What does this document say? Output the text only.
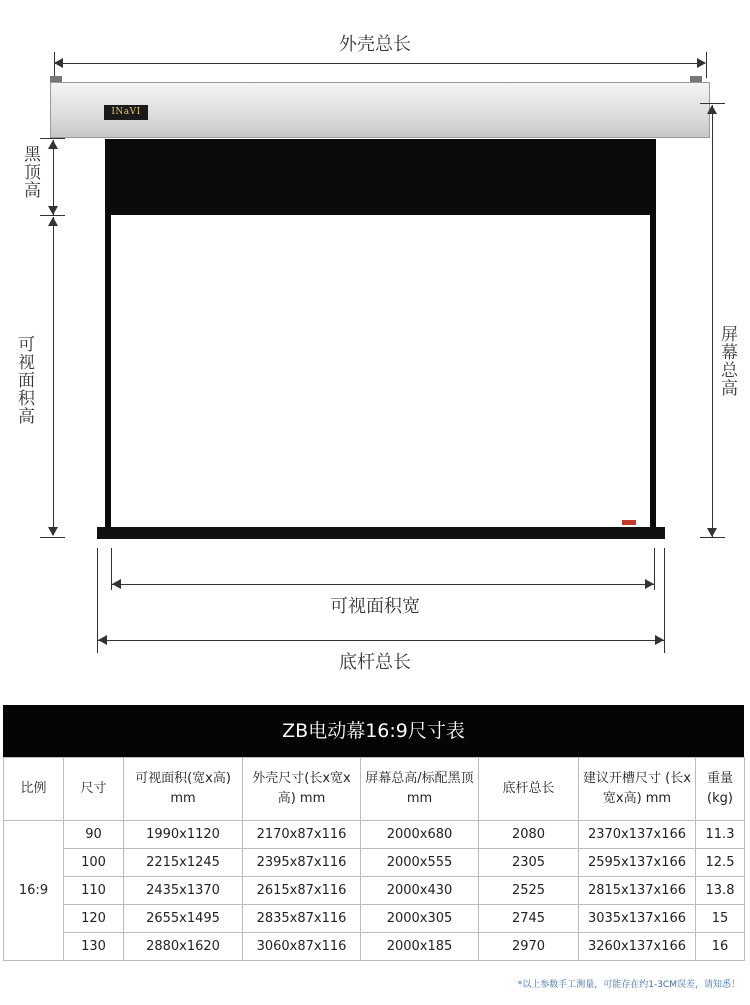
外壳总长
INaVI
黑顶高
可视面积高	屏幕总高
可视面积宽
底杆总长
ZB电动幕16:9尺寸表
比例	尺寸	可视面积(宽x高) mm	外壳尺寸(长x宽x高) mm	屏幕总高/标配黑顶 mm	底杆总长	建议开槽尺寸 (长x宽x高) mm	重量 (kg)
16:9	90	1990x1120	2170x87x116	2000x680	2080	2370x137x166	11.3
	100	2215x1245	2395x87x116	2000x555	2305	2595x137x166	12.5
	110	2435x1370	2615x87x116	2000x430	2525	2815x137x166	13.8
	120	2655x1495	2835x87x116	2000x305	2745	3035x137x166	15
	130	2880x1620	3060x87x116	2000x185	2970	3260x137x166	16
*以上参数手工测量，可能存在约1-3CM误差，请知悉！
